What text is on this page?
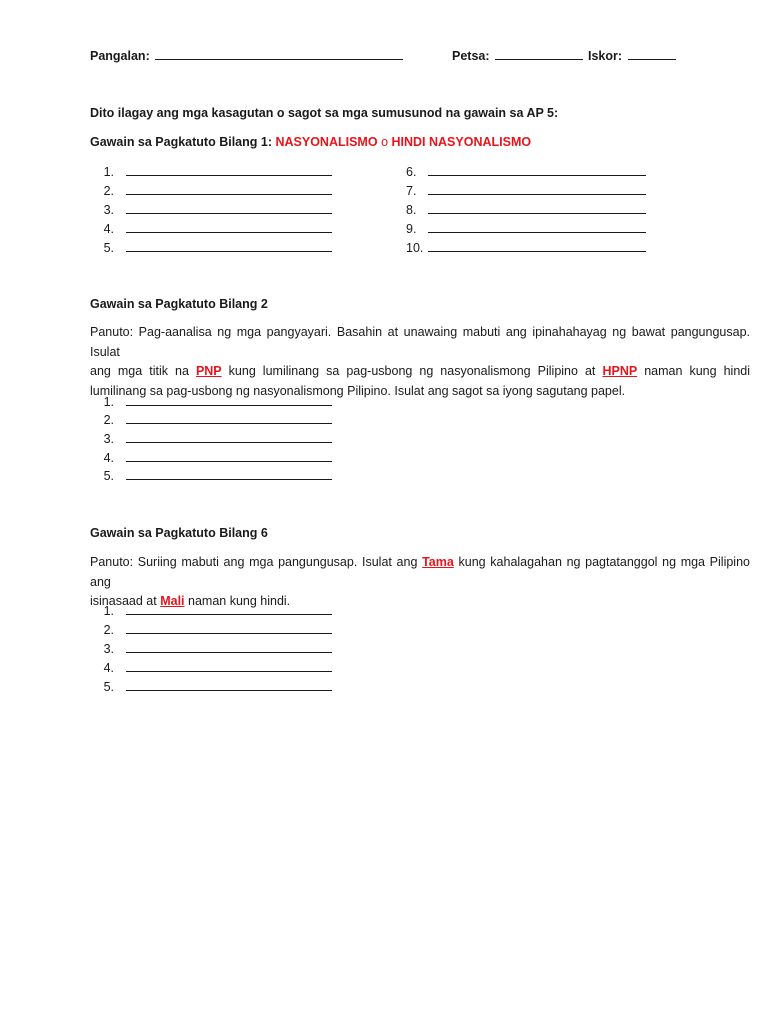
Pangalan:	Petsa:	Iskor:
Dito ilagay ang mga kasagutan o sagot sa mga sumusunod na gawain sa AP 5:
Gawain sa Pagkatuto Bilang 1: NASYONALISMO o HINDI NASYONALISMO
1.
2.
3.
4.
5.
6.
7.
8.
9.
10.
Gawain sa Pagkatuto Bilang 2
Panuto: Pag-aanalisa ng mga pangyayari. Basahin at unawaing mabuti ang ipinahahayag ng bawat pangungusap. Isulat
ang mga titik na PNP kung lumilinang sa pag-usbong ng nasyonalismong Pilipino at HPNP naman kung hindi
lumilinang sa pag-usbong ng nasyonalismong Pilipino. Isulat ang sagot sa iyong sagutang papel.
1.
2.
3.
4.
5.
Gawain sa Pagkatuto Bilang 6
Panuto: Suriing mabuti ang mga pangungusap. Isulat ang Tama kung kahalagahan ng pagtatanggol ng mga Pilipino ang
isinasaad at Mali naman kung hindi.
1.
2.
3.
4.
5.
